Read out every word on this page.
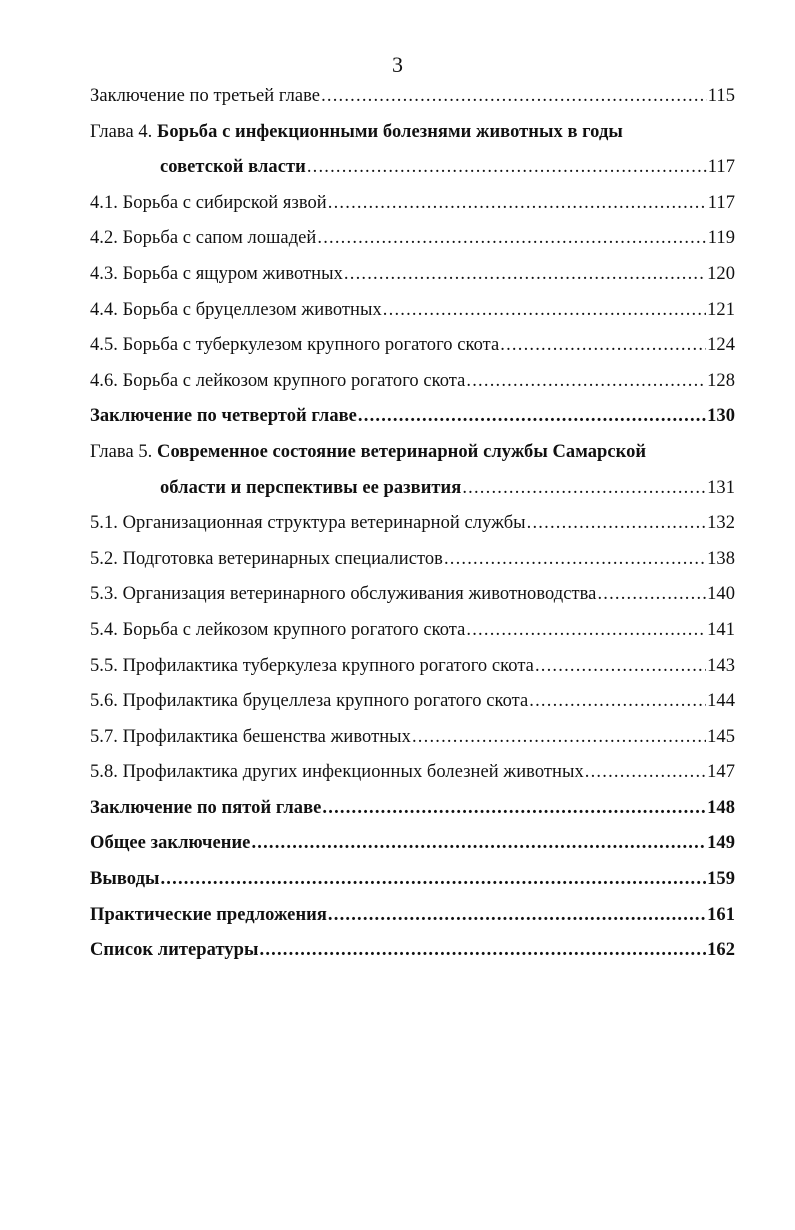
3
Заключение по третьей главе .....	115
Глава 4. Борьба с инфекционными болезнями животных в годы
советской власти .....	117
4.1. Борьба с сибирской язвой .....	117
4.2. Борьба с сапом лошадей .....	119
4.3. Борьба с ящуром животных .....	120
4.4. Борьба с бруцеллезом животных .....	121
4.5. Борьба с туберкулезом крупного рогатого скота .....	124
4.6. Борьба с лейкозом крупного рогатого скота .....	128
Заключение по четвертой главе .....	130
Глава 5. Современное состояние ветеринарной службы Самарской
области и перспективы ее развития .....	131
5.1. Организационная структура ветеринарной службы .....	132
5.2. Подготовка ветеринарных специалистов .....	138
5.3. Организация ветеринарного обслуживания животноводства .....	140
5.4. Борьба с лейкозом крупного рогатого скота .....	141
5.5. Профилактика туберкулеза крупного рогатого скота .....	143
5.6. Профилактика бруцеллеза крупного рогатого скота .....	144
5.7. Профилактика бешенства животных .....	145
5.8. Профилактика других инфекционных болезней животных .....	147
Заключение по пятой главе .....	148
Общее заключение .....	149
Выводы .....	159
Практические предложения .....	161
Список литературы .....	162
